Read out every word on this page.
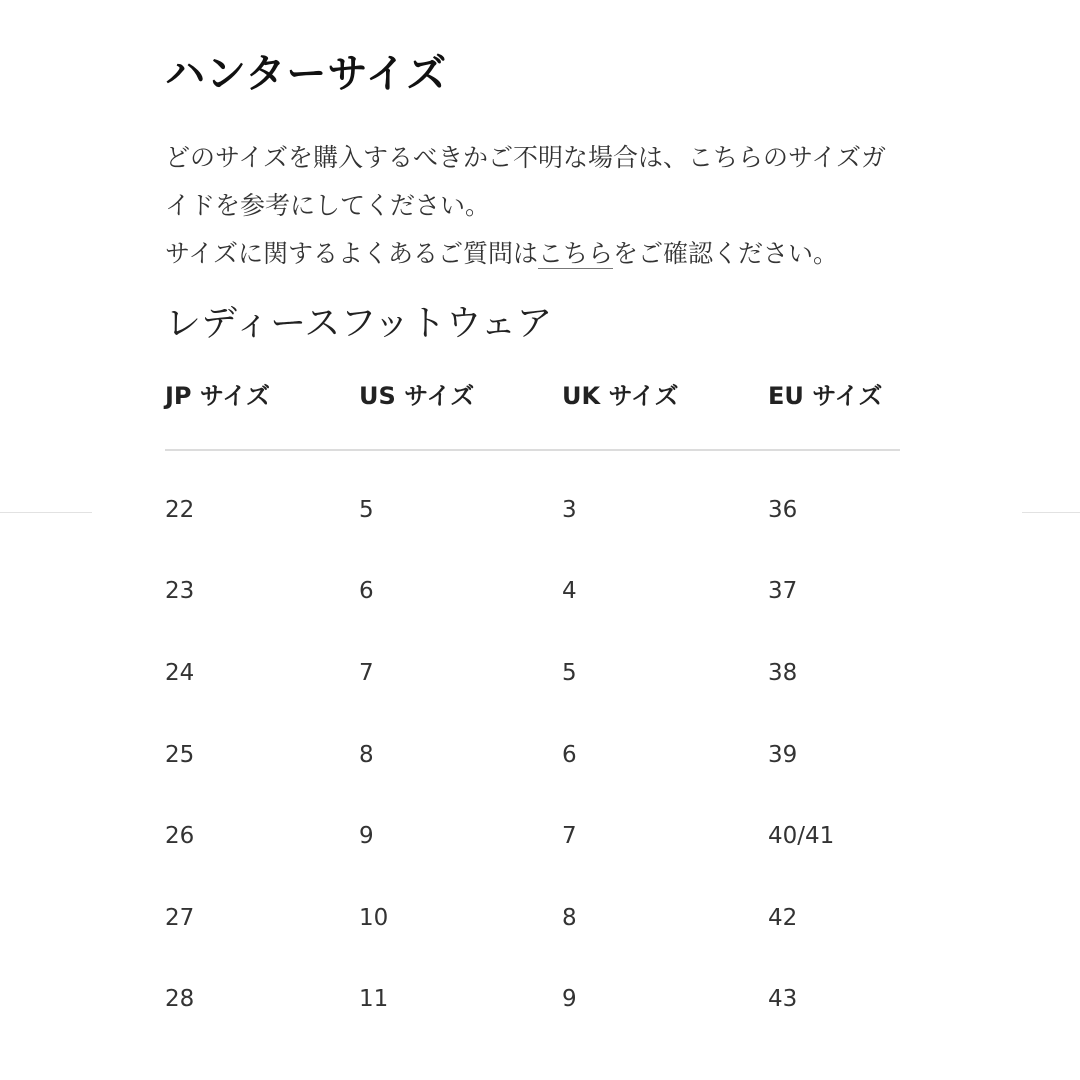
ハンターサイズ
どのサイズを購入するべきかご不明な場合は、こちらのサイズガイドを参考にしてください。
サイズに関するよくあるご質問はこちらをご確認ください。
レディースフットウェア
JP サイズ	US サイズ	UK サイズ	EU サイズ
22	5	3	36
23	6	4	37
24	7	5	38
25	8	6	39
26	9	7	40/41
27	10	8	42
28	11	9	43
